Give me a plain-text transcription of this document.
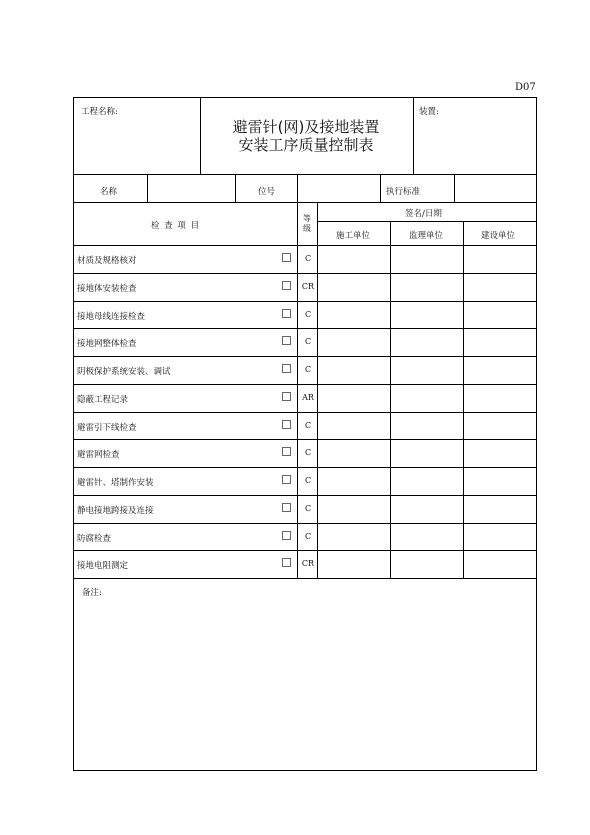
D07
工程名称:	装置:
避雷针(网)及接地装置
安装工序质量控制表
名称	位号	执行标准
检 查 项 目
等
级
签名/日期
施工单位	监理单位	建设单位
材质及规格核对	C
接地体安装检查	CR
接地母线连接检查	C
接地网整体检查	C
阴极保护系统安装、调试	C
隐蔽工程记录	AR
避雷引下线检查	C
避雷网检查	C
避雷针、塔制作安装	C
静电接地跨接及连接	C
防腐检查	C
接地电阻测定	CR
备注:
